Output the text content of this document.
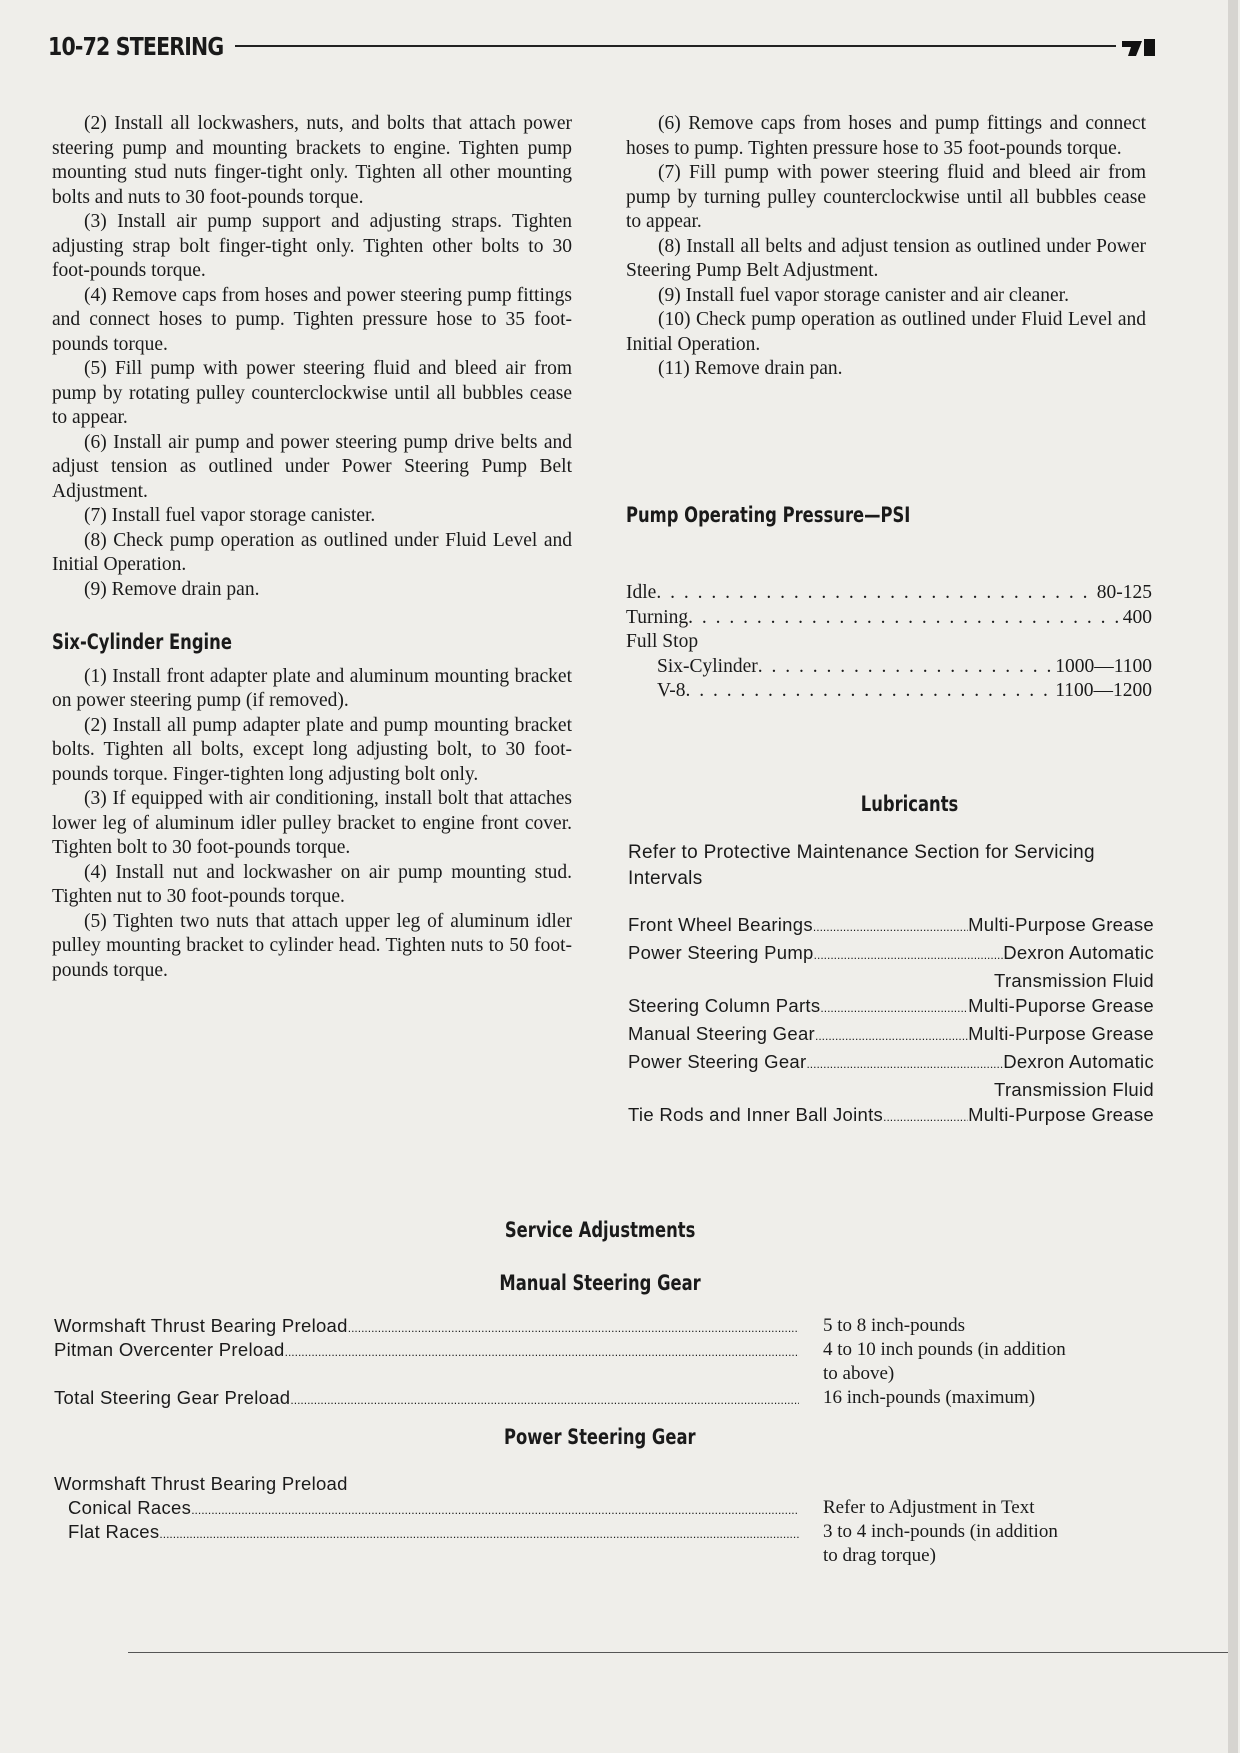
10-72 STEERING

(2) Install all lockwashers, nuts, and bolts that attach power steering pump and mounting brackets to engine. Tighten pump mounting stud nuts finger-tight only. Tighten all other mounting bolts and nuts to 30 foot-pounds torque.

(3) Install air pump support and adjusting straps. Tighten adjusting strap bolt finger-tight only. Tighten other bolts to 30 foot-pounds torque.

(4) Remove caps from hoses and power steering pump fittings and connect hoses to pump. Tighten pressure hose to 35 foot-pounds torque.

(5) Fill pump with power steering fluid and bleed air from pump by rotating pulley counterclockwise until all bubbles cease to appear.

(6) Install air pump and power steering pump drive belts and adjust tension as outlined under Power Steering Pump Belt Adjustment.

(7) Install fuel vapor storage canister.

(8) Check pump operation as outlined under Fluid Level and Initial Operation.

(9) Remove drain pan.

Six-Cylinder Engine

(1) Install front adapter plate and aluminum mounting bracket on power steering pump (if removed).

(2) Install all pump adapter plate and pump mounting bracket bolts. Tighten all bolts, except long adjusting bolt, to 30 foot-pounds torque. Finger-tighten long adjusting bolt only.

(3) If equipped with air conditioning, install bolt that attaches lower leg of aluminum idler pulley bracket to engine front cover. Tighten bolt to 30 foot-pounds torque.

(4) Install nut and lockwasher on air pump mounting stud. Tighten nut to 30 foot-pounds torque.

(5) Tighten two nuts that attach upper leg of aluminum idler pulley mounting bracket to cylinder head. Tighten nuts to 50 foot-pounds torque.

(6) Remove caps from hoses and pump fittings and connect hoses to pump. Tighten pressure hose to 35 foot-pounds torque.

(7) Fill pump with power steering fluid and bleed air from pump by turning pulley counterclockwise until all bubbles cease to appear.

(8) Install all belts and adjust tension as outlined under Power Steering Pump Belt Adjustment.

(9) Install fuel vapor storage canister and air cleaner.

(10) Check pump operation as outlined under Fluid Level and Initial Operation.

(11) Remove drain pan.

Pump Operating Pressure—PSI

Idle . . .	80-125
Turning . . .	400
Full Stop
Six-Cylinder . . .	1000—1100
V-8 . . .	1100—1200
Lubricants
Refer to Protective Maintenance Section for Servicing Intervals
Front Wheel Bearings .....	Multi-Purpose Grease
Power Steering Pump .....	Dexron Automatic
Transmission Fluid
Steering Column Parts .....	Multi-Puporse Grease
Manual Steering Gear .....	Multi-Purpose Grease
Power Steering Gear .....	Dexron Automatic
Transmission Fluid
Tie Rods and Inner Ball Joints .....	Multi-Purpose Grease
Service Adjustments
Manual Steering Gear
Wormshaft Thrust Bearing Preload .....	5 to 8 inch-pounds
Pitman Overcenter Preload .....	4 to 10 inch pounds (in addition
to above)
Total Steering Gear Preload .....	16 inch-pounds (maximum)
Power Steering Gear
Wormshaft Thrust Bearing Preload
Conical Races .....	Refer to Adjustment in Text
Flat Races .....	3 to 4 inch-pounds (in addition
to drag torque)
